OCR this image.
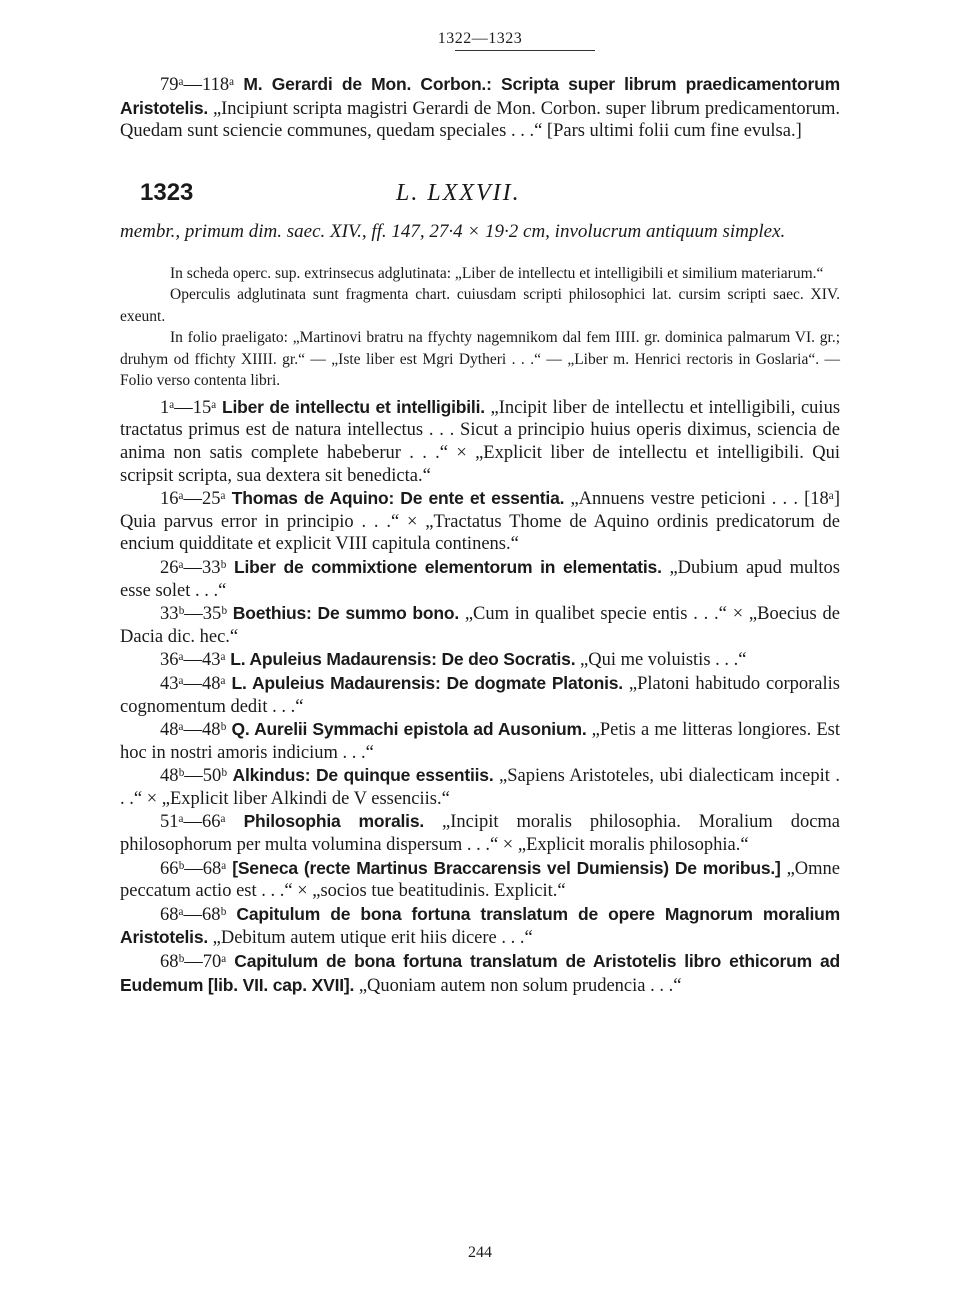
1322—1323

79ᵃ—118ᵃ M. Gerardi de Mon. Corbon.: Scripta super librum praedicamentorum Aristotelis. „Incipiunt scripta magistri Gerardi de Mon. Corbon. super librum predicamentorum. Quedam sunt sciencie communes, quedam speciales . . .“ [Pars ultimi folii cum fine evulsa.]

1323	L. LXXVII.

membr., primum dim. saec. XIV., ff. 147, 27·4 × 19·2 cm, involucrum antiquum simplex.

In scheda operc. sup. extrinsecus adglutinata: „Liber de intellectu et intelligibili et similium materiarum.“

Operculis adglutinata sunt fragmenta chart. cuiusdam scripti philosophici lat. cursim scripti saec. XIV. exeunt.

In folio praeligato: „Martinovi bratru na ffychty nagemnikom dal fem IIII. gr. dominica palmarum VI. gr.; druhym od ffichty XIIII. gr.“ — „Iste liber est Mgri Dytheri . . .“ — „Liber m. Henrici rectoris in Goslaria“. — Folio verso contenta libri.

1ᵃ—15ᵃ Liber de intellectu et intelligibili. „Incipit liber de intellectu et intelligibili, cuius tractatus primus est de natura intellectus . . . Sicut a principio huius operis diximus, sciencia de anima non satis complete habeberur . . .“ × „Explicit liber de intellectu et intelligibili. Qui scripsit scripta, sua dextera sit benedicta.“

16ᵃ—25ᵃ Thomas de Aquino: De ente et essentia. „Annuens vestre peticioni . . . [18ᵃ] Quia parvus error in principio . . .“ × „Tractatus Thome de Aquino ordinis predicatorum de encium quidditate et explicit VIII capitula continens.“

26ᵃ—33ᵇ Liber de commixtione elementorum in elementatis. „Dubium apud multos esse solet . . .“

33ᵇ—35ᵇ Boethius: De summo bono. „Cum in qualibet specie entis . . .“ × „Boecius de Dacia dic. hec.“

36ᵃ—43ᵃ L. Apuleius Madaurensis: De deo Socratis. „Qui me voluistis . . .“

43ᵃ—48ᵃ L. Apuleius Madaurensis: De dogmate Platonis. „Platoni habitudo corporalis cognomentum dedit . . .“

48ᵃ—48ᵇ Q. Aurelii Symmachi epistola ad Ausonium. „Petis a me litteras longiores. Est hoc in nostri amoris indicium . . .“

48ᵇ—50ᵇ Alkindus: De quinque essentiis. „Sapiens Aristoteles, ubi dialecticam incepit . . .“ × „Explicit liber Alkindi de V essenciis.“

51ᵃ—66ᵃ Philosophia moralis. „Incipit moralis philosophia. Moralium docma philosophorum per multa volumina dispersum . . .“ × „Explicit moralis philosophia.“

66ᵇ—68ᵃ [Seneca (recte Martinus Braccarensis vel Dumiensis) De moribus.] „Omne peccatum actio est . . .“ × „socios tue beatitudinis. Explicit.“

68ᵃ—68ᵇ Capitulum de bona fortuna translatum de opere Magnorum moralium Aristotelis. „Debitum autem utique erit hiis dicere . . .“

68ᵇ—70ᵃ Capitulum de bona fortuna translatum de Aristotelis libro ethicorum ad Eudemum [lib. VII. cap. XVII]. „Quoniam autem non solum prudencia . . .“

244
